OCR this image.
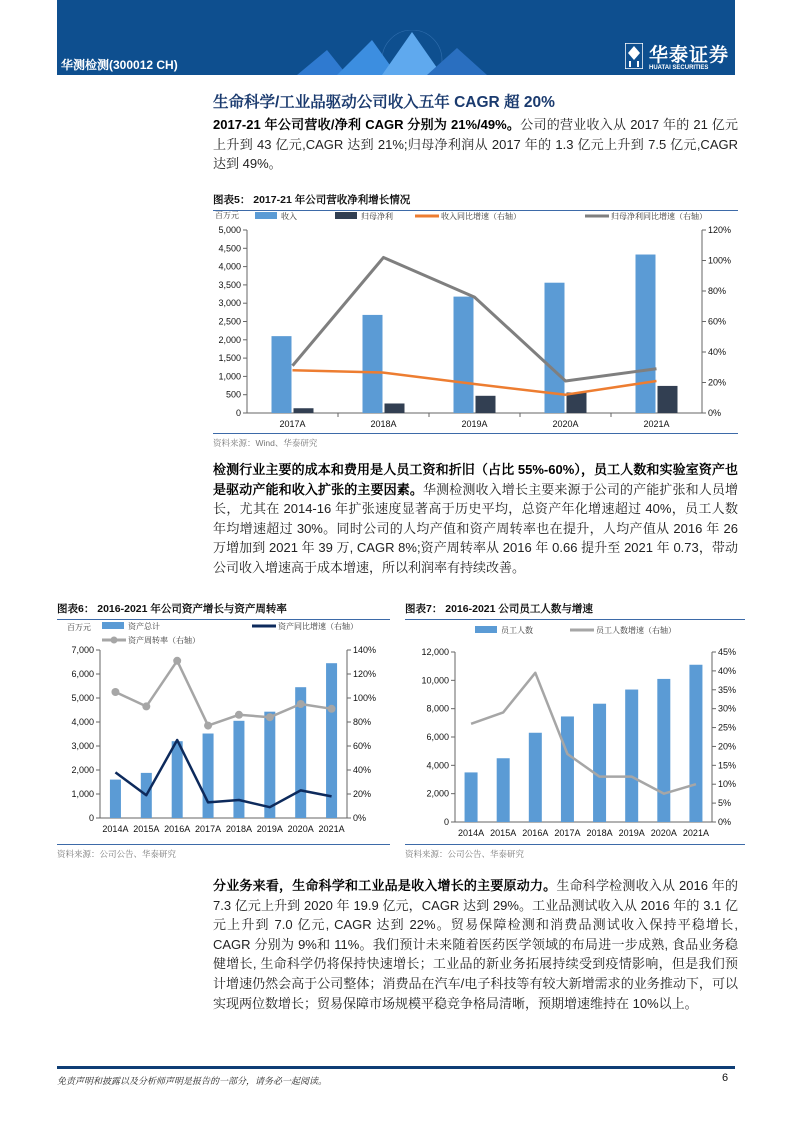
华测检测(300012 CH)	华泰证券
HUATAI SECURITIES
生命科学/工业品驱动公司收入五年 CAGR 超 20%
2017-21 年公司营收/净利 CAGR 分别为 21%/49%。公司的营业收入从 2017 年的 21 亿元上升到 43 亿元,CAGR 达到 21%;归母净利润从 2017 年的 1.3 亿元上升到 7.5 亿元,CAGR 达到 49%。
图表5： 2017-21 年公司营收净利增长情况
百万元
0
500
1,000
1,500
2,000
2,500
3,000
3,500
4,000
4,500
5,000
0%
20%
40%
60%
80%
100%
120%
2017A	2018A	2019A	2020A	2021A
收入	归母净利	收入同比增速（右轴）	归母净利同比增速（右轴）
资料来源：Wind、华泰研究
检测行业主要的成本和费用是人员工资和折旧（占比 55%-60%），员工人数和实验室资产也是驱动产能和收入扩张的主要因素。华测检测收入增长主要来源于公司的产能扩张和人员增长，尤其在 2014-16 年扩张速度显著高于历史平均，总资产年化增速超过 40%，员工人数年均增速超过 30%。同时公司的人均产值和资产周转率也在提升，人均产值从 2016 年 26 万增加到 2021 年 39 万, CAGR 8%;资产周转率从 2016 年 0.66 提升至 2021 年 0.73，带动公司收入增速高于成本增速，所以利润率有持续改善。
图表6： 2016-2021 年公司资产增长与资产周转率
百万元
0
1,000
2,000
3,000
4,000
5,000
6,000
7,000
0%
20%
40%
60%
80%
100%
120%
140%
2014A 2015A 2016A 2017A 2018A 2019A 2020A 2021A
资产总计	资产同比增速（右轴）
资产周转率（右轴）
资料来源：公司公告、华泰研究
图表7： 2016-2021 公司员工人数与增速
0
2,000
4,000
6,000
8,000
10,000
12,000
0%
5%
10%
15%
20%
25%
30%
35%
40%
45%
2014A 2015A 2016A 2017A 2018A 2019A 2020A 2021A
员工人数	员工人数增速（右轴）
资料来源：公司公告、华泰研究
分业务来看，生命科学和工业品是收入增长的主要原动力。生命科学检测收入从 2016 年的 7.3 亿元上升到 2020 年 19.9 亿元，CAGR 达到 29%。工业品测试收入从 2016 年的 3.1 亿元上升到 7.0 亿元, CAGR 达到 22%。贸易保障检测和消费品测试收入保持平稳增长, CAGR 分别为 9%和 11%。我们预计未来随着医药医学领域的布局进一步成熟, 食品业务稳健增长, 生命科学仍将保持快速增长；工业品的新业务拓展持续受到疫情影响，但是我们预计增速仍然会高于公司整体；消费品在汽车/电子科技等有较大新增需求的业务推动下，可以实现两位数增长；贸易保障市场规模平稳竞争格局清晰，预期增速维持在 10%以上。
免责声明和披露以及分析师声明是报告的一部分，请务必一起阅读。	6
